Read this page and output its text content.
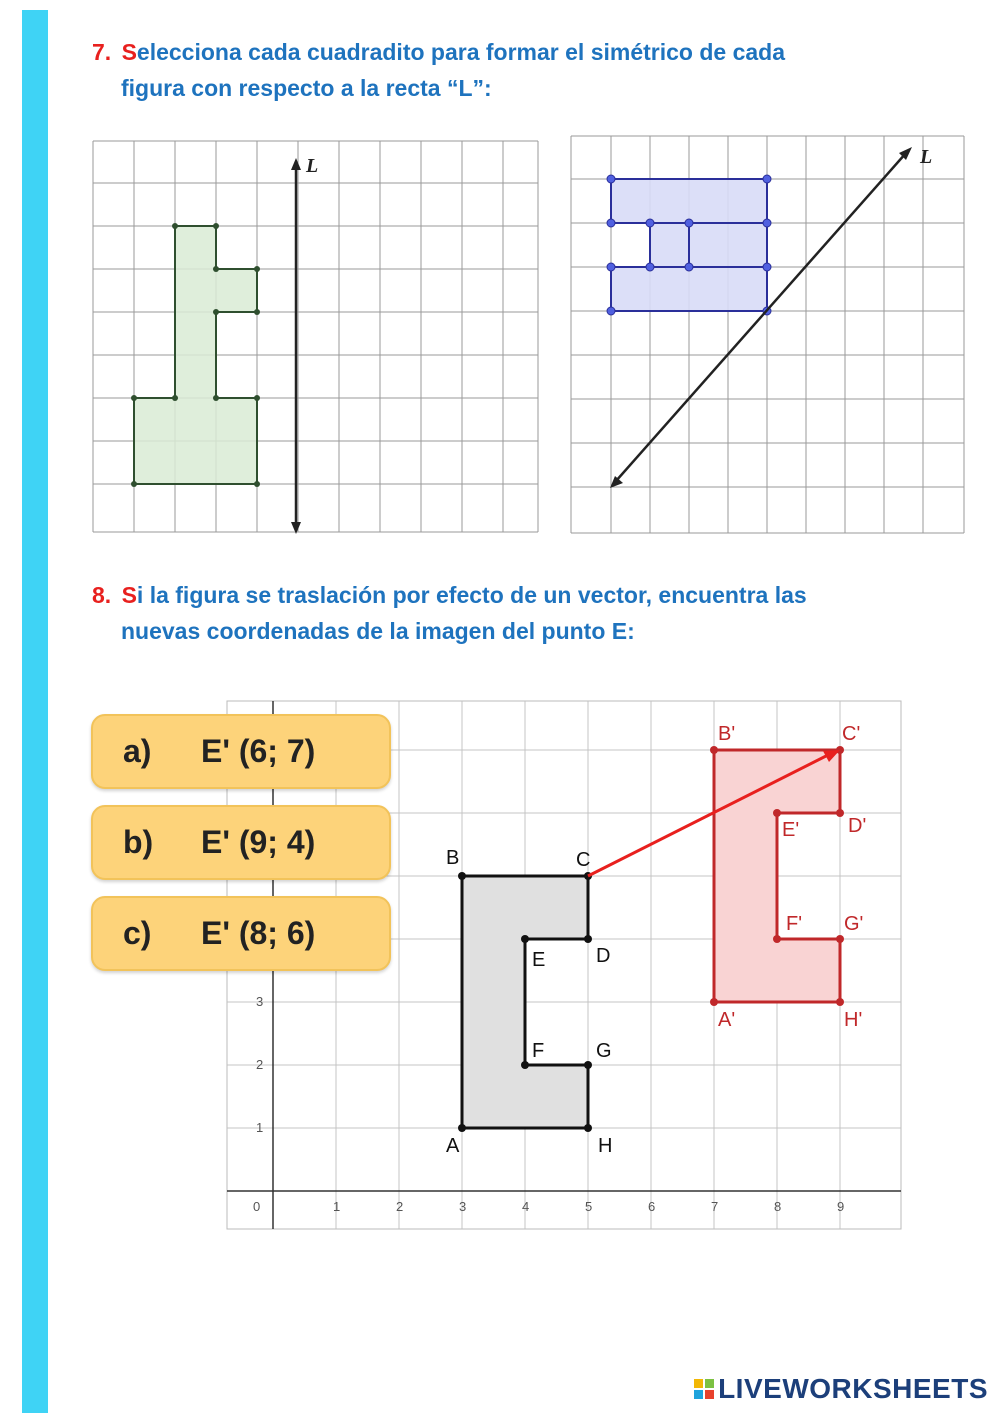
7. Selecciona cada cuadradito para formar el simétrico de cada
figura con respecto a la recta “L”:
L	L
8. Si la figura se traslación por efecto de un vector, encuentra las
nuevas coordenadas de la imagen del punto E:
0	1	2	3	4	5	6	7	8	9
1
2
3
A
B	C
D
E
F	G
H
A'
B'	C'
D'
E'
F' G'
H'
a)	E' (6; 7)
b)	E' (9; 4)
c)	E' (8; 6)
LIVEWORKSHEETS
